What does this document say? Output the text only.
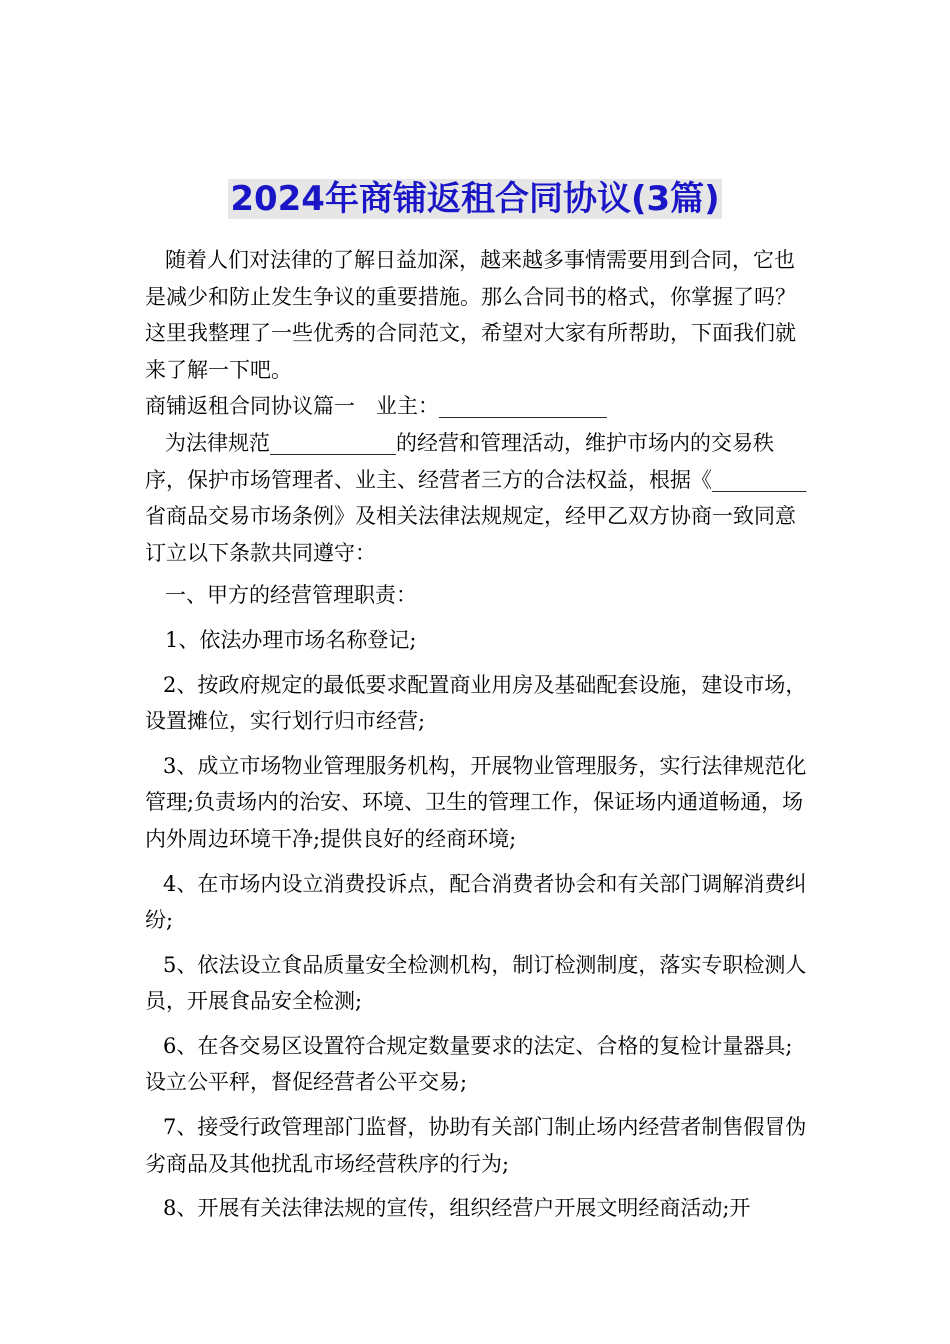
2024年商铺返租合同协议(3篇)

随着人们对法律的了解日益加深，越来越多事情需要用到合同，它也是减少和防止发生争议的重要措施。那么合同书的格式，你掌握了吗？这里我整理了一些优秀的合同范文，希望对大家有所帮助，下面我们就来了解一下吧。

商铺返租合同协议篇一　业主：________________

为法律规范____________的经营和管理活动，维护市场内的交易秩序，保护市场管理者、业主、经营者三方的合法权益，根据《_________省商品交易市场条例》及相关法律法规规定，经甲乙双方协商一致同意订立以下条款共同遵守：

一、甲方的经营管理职责：

1、依法办理市场名称登记;

2、按政府规定的最低要求配置商业用房及基础配套设施，建设市场，设置摊位，实行划行归市经营;

3、成立市场物业管理服务机构，开展物业管理服务，实行法律规范化管理;负责场内的治安、环境、卫生的管理工作，保证场内通道畅通，场内外周边环境干净;提供良好的经商环境;

4、在市场内设立消费投诉点，配合消费者协会和有关部门调解消费纠纷;

5、依法设立食品质量安全检测机构，制订检测制度，落实专职检测人员，开展食品安全检测;

6、在各交易区设置符合规定数量要求的法定、合格的复检计量器具;设立公平秤，督促经营者公平交易;

7、接受行政管理部门监督，协助有关部门制止场内经营者制售假冒伪劣商品及其他扰乱市场经营秩序的行为;

8、开展有关法律法规的宣传，组织经营户开展文明经商活动;开
